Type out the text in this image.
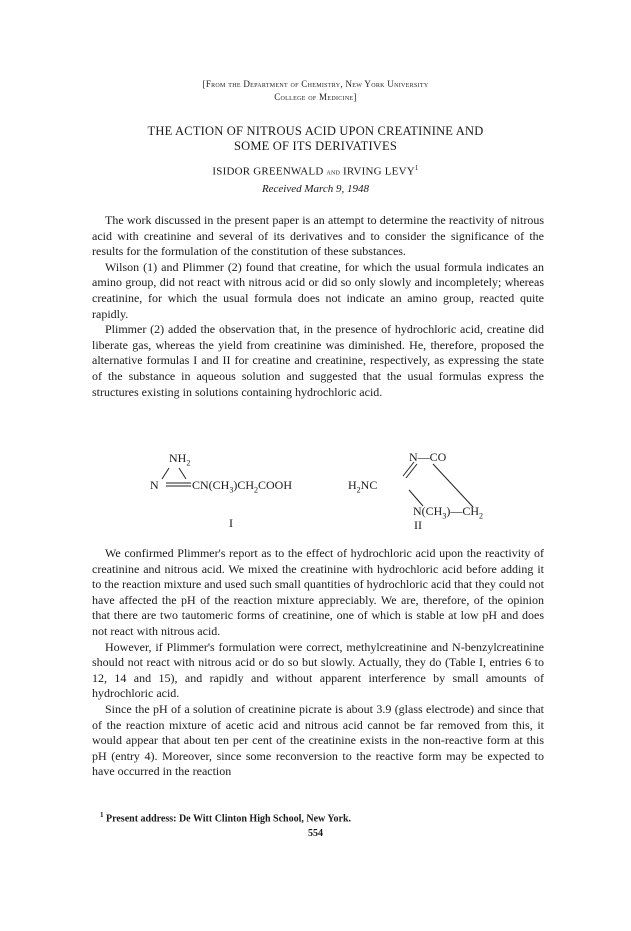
[From the Department of Chemistry, New York University
College of Medicine]
THE ACTION OF NITROUS ACID UPON CREATININE AND
SOME OF ITS DERIVATIVES
ISIDOR GREENWALD and IRVING LEVY$^1$
Received March 9, 1948

The work discussed in the present paper is an attempt to determine the reactivity of nitrous acid with creatinine and several of its derivatives and to consider the significance of the results for the formulation of the constitution of these substances.

Wilson (1) and Plimmer (2) found that creatine, for which the usual formula indicates an amino group, did not react with nitrous acid or did so only slowly and incompletely; whereas creatinine, for which the usual formula does not indicate an amino group, reacted quite rapidly.

Plimmer (2) added the observation that, in the presence of hydrochloric acid, creatine did liberate gas, whereas the yield from creatinine was diminished. He, therefore, proposed the alternative formulas I and II for creatine and creatinine, respectively, as expressing the state of the substance in aqueous solution and suggested that the usual formulas express the structures existing in solutions containing hydrochloric acid.

$NH_2$
N	$CN(CH_3)CH_2COOH$
I
N—CO
$H_2NC$
$N(CH_3)—CH_2$
II

We confirmed Plimmer's report as to the effect of hydrochloric acid upon the reactivity of creatinine and nitrous acid. We mixed the creatinine with hydrochloric acid before adding it to the reaction mixture and used such small quantities of hydrochloric acid that they could not have affected the pH of the reaction mixture appreciably. We are, therefore, of the opinion that there are two tautomeric forms of creatinine, one of which is stable at low pH and does not react with nitrous acid.

However, if Plimmer's formulation were correct, methylcreatinine and N-benzylcreatinine should not react with nitrous acid or do so but slowly. Actually, they do (Table I, entries 6 to 12, 14 and 15), and rapidly and without apparent interference by small amounts of hydrochloric acid.

Since the pH of a solution of creatinine picrate is about 3.9 (glass electrode) and since that of the reaction mixture of acetic acid and nitrous acid cannot be far removed from this, it would appear that about ten per cent of the creatinine exists in the non-reactive form at this pH (entry 4). Moreover, since some reconversion to the reactive form may be expected to have occurred in the reaction

$^1$ Present address: De Witt Clinton High School, New York.
554
